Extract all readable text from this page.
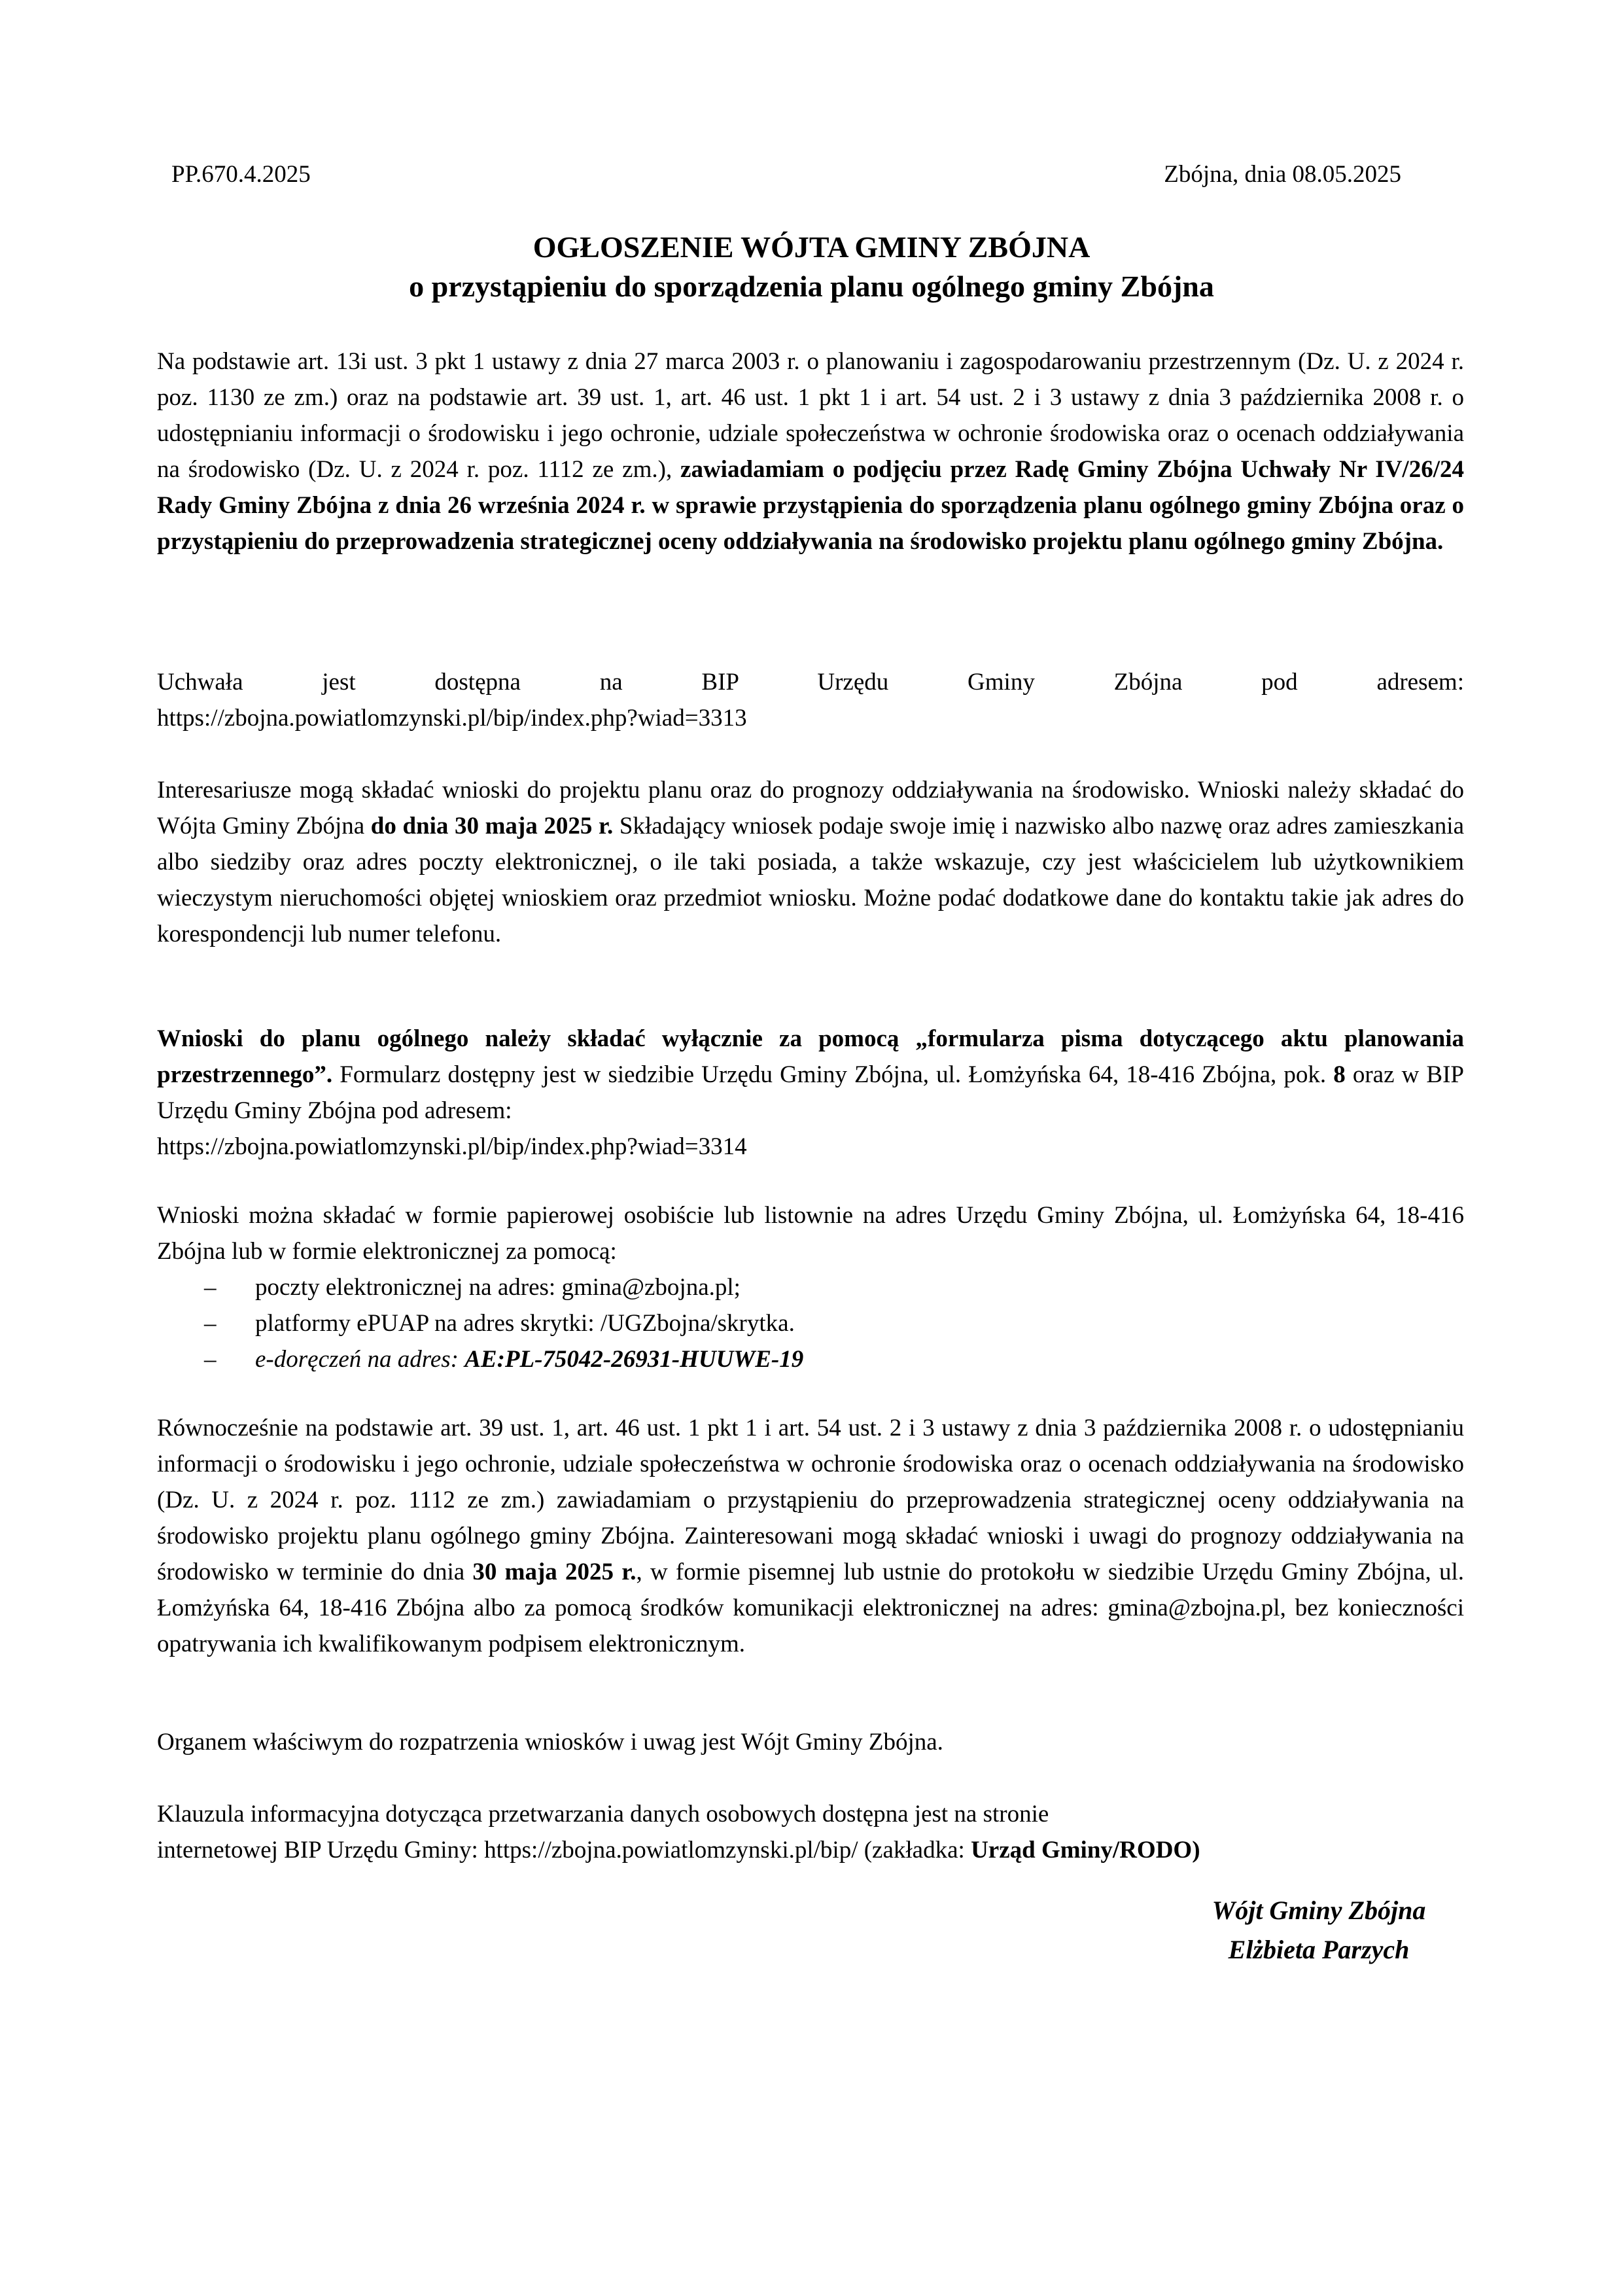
PP.670.4.2025	Zbójna, dnia 08.05.2025
OGŁOSZENIE WÓJTA GMINY ZBÓJNA
o przystąpieniu do sporządzenia planu ogólnego gminy Zbójna

Na podstawie art. 13i ust. 3 pkt 1 ustawy z dnia 27 marca 2003 r. o planowaniu i zagospodarowaniu przestrzennym (Dz. U. z 2024 r. poz. 1130 ze zm.) oraz na podstawie art. 39 ust. 1, art. 46 ust. 1 pkt 1 i art. 54 ust. 2 i 3 ustawy z dnia 3 października 2008 r. o udostępnianiu informacji o środowisku i jego ochronie, udziale społeczeństwa w ochronie środowiska oraz o ocenach oddziaływania na środowisko (Dz. U. z 2024 r. poz. 1112 ze zm.), zawiadamiam o podjęciu przez Radę Gminy Zbójna Uchwały Nr IV/26/24 Rady Gminy Zbójna z dnia 26 września 2024 r. w sprawie przystąpienia do sporządzenia planu ogólnego gminy Zbójna oraz o przystąpieniu do przeprowadzenia strategicznej oceny oddziaływania na środowisko projektu planu ogólnego gminy Zbójna.

Uchwała jest dostępna na BIP Urzędu Gminy Zbójna pod adresem:

https://zbojna.powiatlomzynski.pl/bip/index.php?wiad=3313

Interesariusze mogą składać wnioski do projektu planu oraz do prognozy oddziaływania na środowisko. Wnioski należy składać do Wójta Gminy Zbójna do dnia 30 maja 2025 r. Składający wniosek podaje swoje imię i nazwisko albo nazwę oraz adres zamieszkania albo siedziby oraz adres poczty elektronicznej, o ile taki posiada, a także wskazuje, czy jest właścicielem lub użytkownikiem wieczystym nieruchomości objętej wnioskiem oraz przedmiot wniosku. Możne podać dodatkowe dane do kontaktu takie jak adres do korespondencji lub numer telefonu.

Wnioski do planu ogólnego należy składać wyłącznie za pomocą „formularza pisma dotyczącego aktu planowania przestrzennego”. Formularz dostępny jest w siedzibie Urzędu Gminy Zbójna, ul. Łomżyńska 64, 18-416 Zbójna, pok. 8 oraz w BIP Urzędu Gminy Zbójna pod adresem:

https://zbojna.powiatlomzynski.pl/bip/index.php?wiad=3314

Wnioski można składać w formie papierowej osobiście lub listownie na adres Urzędu Gminy Zbójna, ul. Łomżyńska 64, 18-416 Zbójna lub w formie elektronicznej za pomocą:

– poczty elektronicznej na adres: gmina@zbojna.pl;
– platformy ePUAP na adres skrytki: /UGZbojna/skrytka.
– e-doręczeń na adres: AE:PL-75042-26931-HUUWE-19

Równocześnie na podstawie art. 39 ust. 1, art. 46 ust. 1 pkt 1 i art. 54 ust. 2 i 3 ustawy z dnia 3 października 2008 r. o udostępnianiu informacji o środowisku i jego ochronie, udziale społeczeństwa w ochronie środowiska oraz o ocenach oddziaływania na środowisko (Dz. U. z 2024 r. poz. 1112 ze zm.) zawiadamiam o przystąpieniu do przeprowadzenia strategicznej oceny oddziaływania na środowisko projektu planu ogólnego gminy Zbójna. Zainteresowani mogą składać wnioski i uwagi do prognozy oddziaływania na środowisko w terminie do dnia 30 maja 2025 r., w formie pisemnej lub ustnie do protokołu w siedzibie Urzędu Gminy Zbójna, ul. Łomżyńska 64, 18-416 Zbójna albo za pomocą środków komunikacji elektronicznej na adres: gmina@zbojna.pl, bez konieczności opatrywania ich kwalifikowanym podpisem elektronicznym.

Organem właściwym do rozpatrzenia wniosków i uwag jest Wójt Gminy Zbójna.

Klauzula informacyjna dotycząca przetwarzania danych osobowych dostępna jest na stronie

internetowej BIP Urzędu Gminy: https://zbojna.powiatlomzynski.pl/bip/ (zakładka: Urząd Gminy/RODO)

Wójt Gminy Zbójna
Elżbieta Parzych
